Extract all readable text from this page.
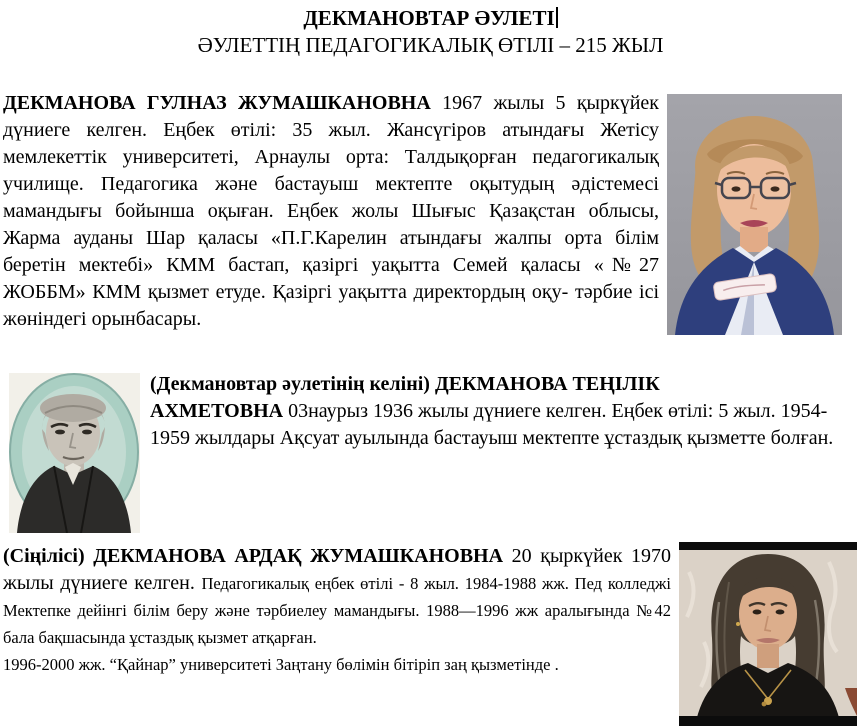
ДЕКМАНОВТАР ӘУЛЕТІ
ӘУЛЕТТІҢ ПЕДАГОГИКАЛЫҚ ӨТІЛІ – 215 ЖЫЛ
ДЕКМАНОВА ГУЛНАЗ ЖУМАШКАНОВНА 1967 жылы 5 қыркүйек дүниеге келген. Еңбек өтілі: 35 жыл. Жансүгіров атындағы Жетісу мемлекеттік университеті, Арнаулы орта: Талдықорған педагогикалық училище. Педагогика және бастауыш мектепте оқытудың әдістемесі мамандығы бойынша оқыған. Еңбек жолы Шығыс Қазақстан облысы, Жарма ауданы Шар қаласы «П.Г.Карелин атындағы жалпы орта білім беретін мектебі» КММ бастап, қазіргі уақытта Семей қаласы «№27 ЖОББМ» КММ қызмет етуде. Қазіргі уақытта директордың оқу- тәрбие ісі жөніндегі орынбасары.
(Декмановтар әулетінің келіні) ДЕКМАНОВА ТЕҢІЛІК
АХМЕТОВНА 03наурыз 1936 жылы дүниеге келген. Еңбек өтілі: 5 жыл. 1954-1959 жылдары Ақсуат ауылында бастауыш мектепте ұстаздық қызметте болған.
(Сіңілісі) ДЕКМАНОВА АРДАҚ ЖУМАШКАНОВНА 20 қыркүйек 1970 жылы дүниеге келген. Педагогикалық еңбек өтілі - 8 жыл. 1984-1988 жж. Пед колледжі Мектепке дейінгі білім беру және тәрбиелеу мамандығы. 1988—1996 жж аралығында №42 бала бақшасында ұстаздық қызмет атқарған.
1996-2000 жж. “Қайнар” университеті Заңтану бөлімін бітіріп заң қызметінде .
